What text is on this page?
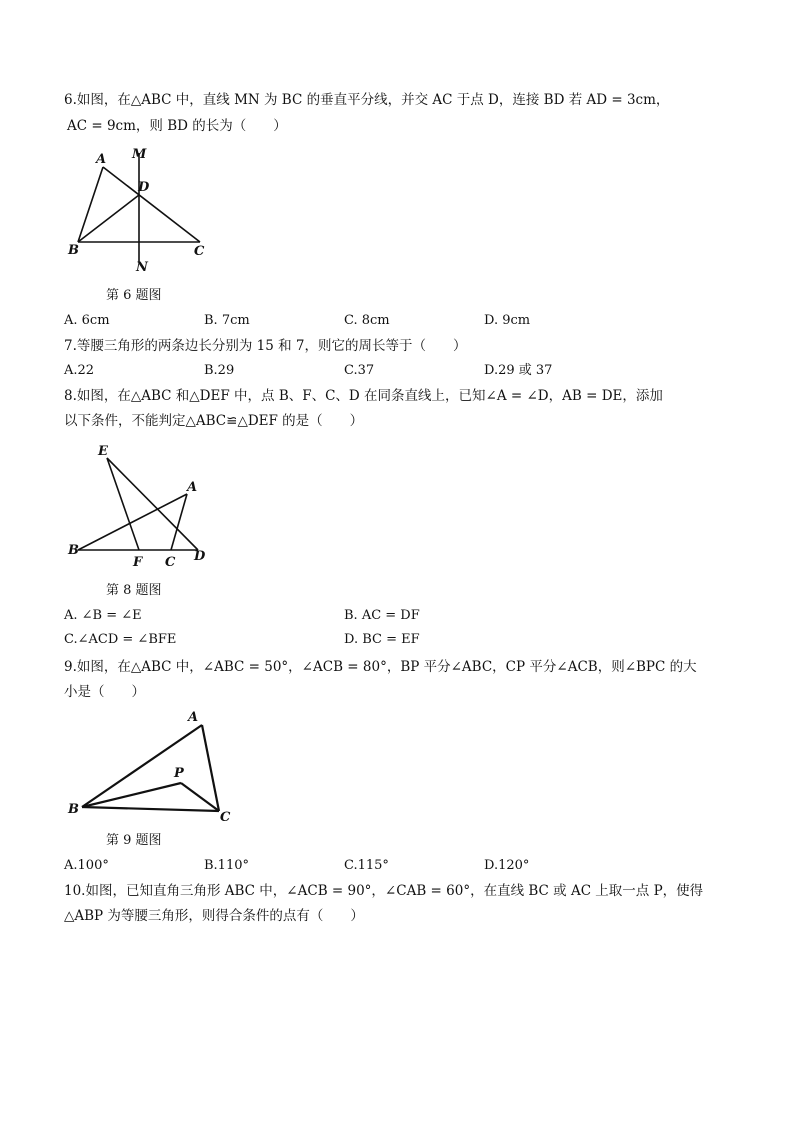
6.如图，在△ABC 中，直线 MN 为 BC 的垂直平分线，并交 AC 于点 D，连接 BD 若 AD = 3cm，
AC = 9cm，则 BD 的长为（　　）
A M
D
B	C
N
第 6 题图
A. 6cm	B. 7cm	C. 8cm	D. 9cm
7.等腰三角形的两条边长分别为 15 和 7，则它的周长等于（　　）
A.22	B.29	C.37	D.29 或 37
8.如图，在△ABC 和△DEF 中，点 B、F、C、D 在同条直线上，已知∠A = ∠D，AB = DE，添加
以下条件，不能判定△ABC≌△DEF 的是（　　）
E
A
B
F C D
第 8 题图
A. ∠B = ∠E	B. AC = DF
C.∠ACD = ∠BFE	D. BC = EF
9.如图，在△ABC 中，∠ABC = 50°，∠ACB = 80°，BP 平分∠ABC，CP 平分∠ACB，则∠BPC 的大
小是（　　）
A
P
B
C
第 9 题图
A.100°	B.110°	C.115°	D.120°
10.如图，已知直角三角形 ABC 中，∠ACB = 90°，∠CAB = 60°，在直线 BC 或 AC 上取一点 P，使得
△ABP 为等腰三角形，则得合条件的点有（　　）
